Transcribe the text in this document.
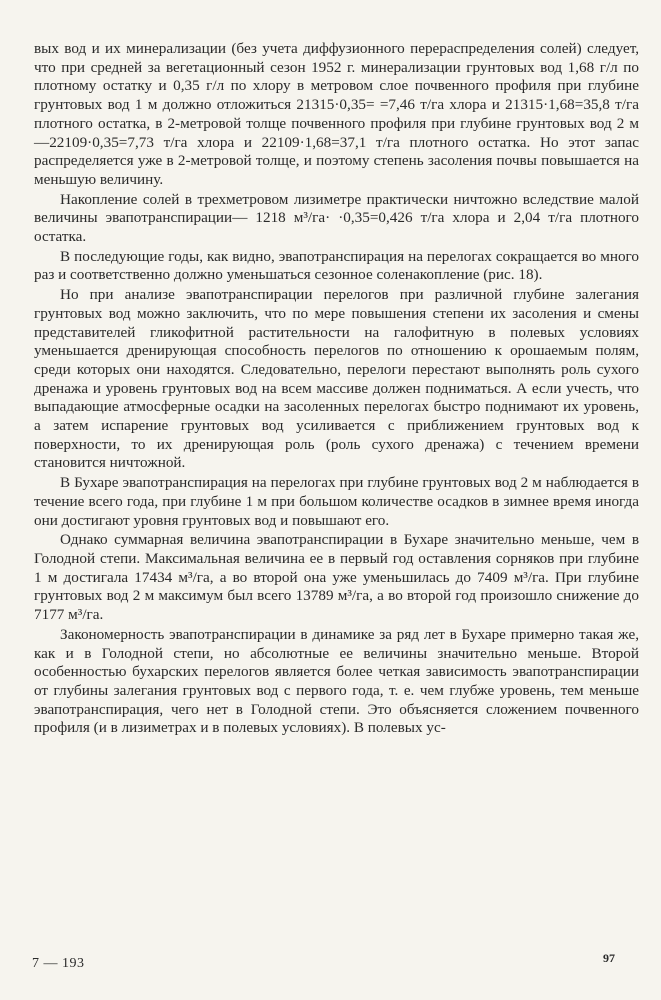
вых вод и их минерализации (без учета диффузионного перераспределения солей) следует, что при средней за вегетационный сезон 1952 г. минерализации грунтовых вод 1,68 г/л по плотному остатку и 0,35 г/л по хлору в метровом слое почвенного профиля при глубине грунтовых вод 1 м должно отложиться 21315·0,35= =7,46 т/га хлора и 21315·1,68=35,8 т/га плотного остатка, в 2-метровой толще почвенного профиля при глубине грунтовых вод 2 м—22109·0,35=7,73 т/га хлора и 22109·1,68=37,1 т/га плотного остатка. Но этот запас распределяется уже в 2-метровой толще, и поэтому степень засоления почвы повышается на меньшую величину.

Накопление солей в трехметровом лизиметре практически ничтожно вследствие малой величины эвапотранспирации— 1218 м³/га· ·0,35=0,426 т/га хлора и 2,04 т/га плотного остатка.

В последующие годы, как видно, эвапотранспирация на перелогах сокращается во много раз и соответственно должно уменьшаться сезонное соленакопление (рис. 18).

Но при анализе эвапотранспирации перелогов при различной глубине залегания грунтовых вод можно заключить, что по мере повышения степени их засоления и смены представителей гликофитной растительности на галофитную в полевых условиях уменьшается дренирующая способность перелогов по отношению к орошаемым полям, среди которых они находятся. Следовательно, перелоги перестают выполнять роль сухого дренажа и уровень грунтовых вод на всем массиве должен подниматься. А если учесть, что выпадающие атмосферные осадки на засоленных перелогах быстро поднимают их уровень, а затем испарение грунтовых вод усиливается с приближением грунтовых вод к поверхности, то их дренирующая роль (роль сухого дренажа) с течением времени становится ничтожной.

В Бухаре эвапотранспирация на перелогах при глубине грунтовых вод 2 м наблюдается в течение всего года, при глубине 1 м при большом количестве осадков в зимнее время иногда они достигают уровня грунтовых вод и повышают его.

Однако суммарная величина эвапотранспирации в Бухаре значительно меньше, чем в Голодной степи. Максимальная величина ее в первый год оставления сорняков при глубине 1 м достигала 17434 м³/га, а во второй она уже уменьшилась до 7409 м³/га. При глубине грунтовых вод 2 м максимум был всего 13789 м³/га, а во второй год произошло снижение до 7177 м³/га.

Закономерность эвапотранспирации в динамике за ряд лет в Бухаре примерно такая же, как и в Голодной степи, но абсолютные ее величины значительно меньше. Второй особенностью бухарских перелогов является более четкая зависимость эвапотранспирации от глубины залегания грунтовых вод с первого года, т. е. чем глубже уровень, тем меньше эвапотранспирация, чего нет в Голодной степи. Это объясняется сложением почвенного профиля (и в лизиметрах и в полевых условиях). В полевых ус-

7 — 193	97
